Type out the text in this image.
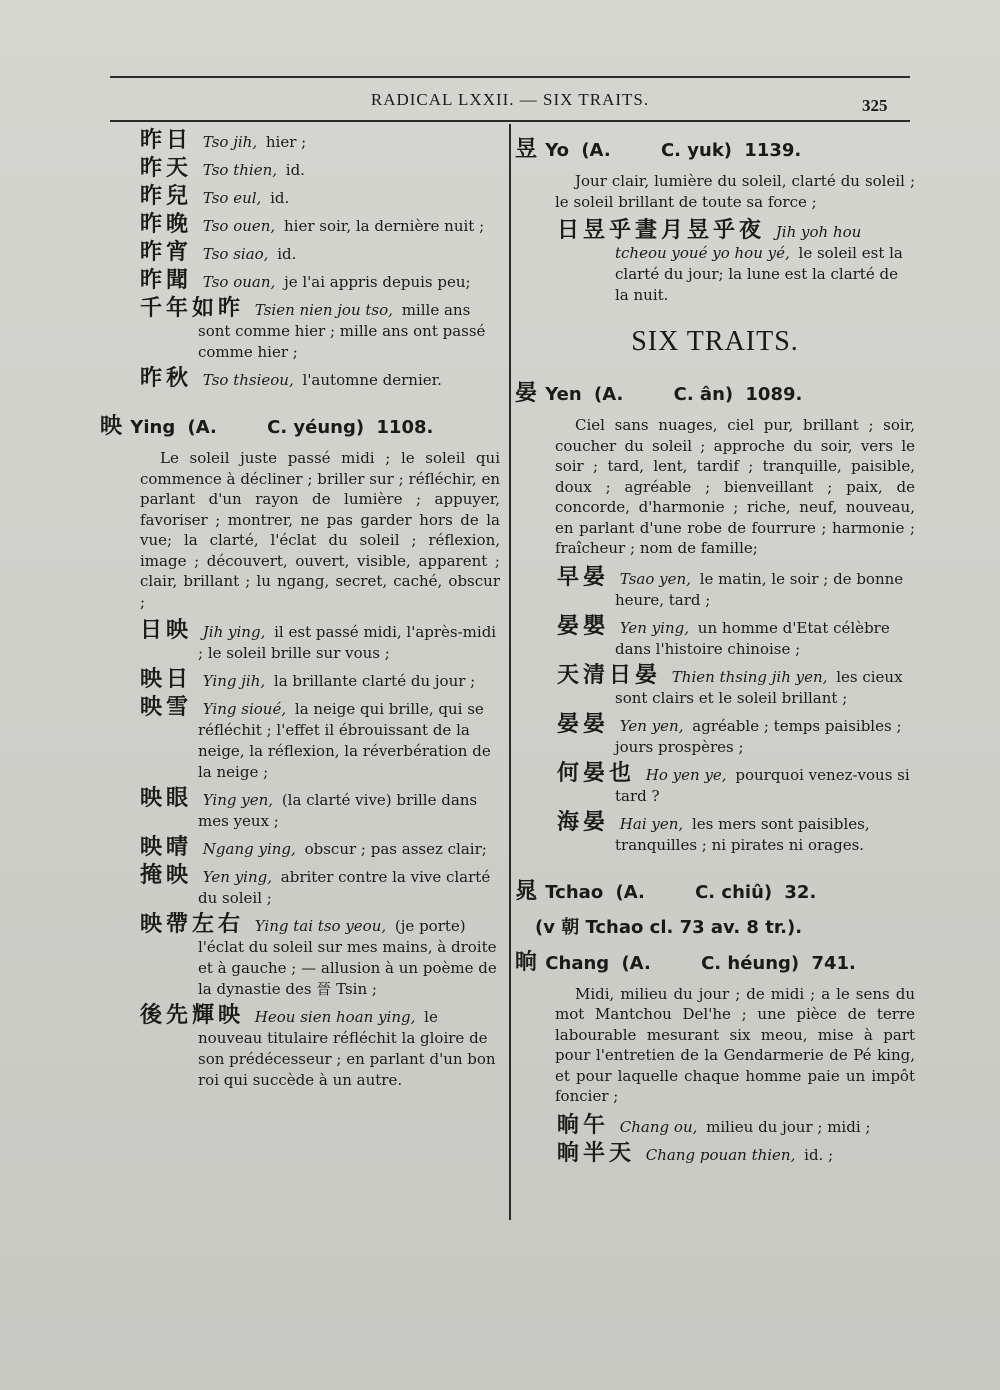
RADICAL LXXII. — SIX TRAITS.	325
昨日 Tso jih, hier ;
昨天 Tso thien, id.
昨兒 Tso eul, id.
昨晚 Tso ouen, hier soir, la dernière nuit ;
昨宵 Tso siao, id.
昨聞 Tso ouan, je l'ai appris depuis peu;
千年如昨 Tsien nien jou tso, mille ans sont comme hier ; mille ans ont passé comme hier ;
昨秋 Tso thsieou, l'automne dernier.
映 Ying (A.	C. yéung) 1108.

Le soleil juste passé midi ; le soleil qui commence à décliner ; briller sur ; réfléchir, en parlant d'un rayon de lumière ; appuyer, favoriser ; montrer, ne pas garder hors de la vue; la clarté, l'éclat du soleil ; réflexion, image ; découvert, ouvert, visible, apparent ; clair, brillant ; lu ngang, secret, caché, obscur ;

日映 Jih ying, il est passé midi, l'après-midi ; le soleil brille sur vous ;
映日 Ying jih, la brillante clarté du jour ;
映雪 Ying sioué, la neige qui brille, qui se réfléchit ; l'effet il ébrouissant de la neige, la réflexion, la réverbération de la neige ;
映眼 Ying yen, (la clarté vive) brille dans mes yeux ;
映晴 Ngang ying, obscur ; pas assez clair;
掩映 Yen ying, abriter contre la vive clarté du soleil ;
映帶左右 Ying tai tso yeou, (je porte) l'éclat du soleil sur mes mains, à droite et à gauche ; — allusion à un poème de la dynastie des 晉 Tsin ;
後先輝映 Heou sien hoan ying, le nouveau titulaire réfléchit la gloire de son prédécesseur ; en parlant d'un bon roi qui succède à un autre.
昱 Yo (A.	C. yuk) 1139.

Jour clair, lumière du soleil, clarté du soleil ; le soleil brillant de toute sa force ;

日昱乎晝月昱乎夜 Jih yoh hou tcheou youé yo hou yé, le soleil est la clarté du jour; la lune est la clarté de la nuit.
SIX TRAITS.
晏 Yen (A.	C. ân) 1089.

Ciel sans nuages, ciel pur, brillant ; soir, coucher du soleil ; approche du soir, vers le soir ; tard, lent, tardif ; tranquille, paisible, doux ; agréable ; bienveillant ; paix, de concorde, d'harmonie ; riche, neuf, nouveau, en parlant d'une robe de fourrure ; harmonie ; fraîcheur ; nom de famille;

早晏 Tsao yen, le matin, le soir ; de bonne heure, tard ;
晏嬰 Yen ying, un homme d'Etat célèbre dans l'histoire chinoise ;
天清日晏 Thien thsing jih yen, les cieux sont clairs et le soleil brillant ;
晏晏 Yen yen, agréable ; temps paisibles ; jours prospères ;
何晏也 Ho yen ye, pourquoi venez-vous si tard ?
海晏 Hai yen, les mers sont paisibles, tranquilles ; ni pirates ni orages.
晁 Tchao (A.	C. chiû) 32.
(v 朝 Tchao cl. 73 av. 8 tr.).
晌 Chang (A.	C. héung) 741.

Midi, milieu du jour ; de midi ; a le sens du mot Mantchou Del'he ; une pièce de terre labourable mesurant six meou, mise à part pour l'entretien de la Gendarmerie de Pé king, et pour laquelle chaque homme paie un impôt foncier ;

晌午 Chang ou, milieu du jour ; midi ;
晌半天 Chang pouan thien, id. ;
